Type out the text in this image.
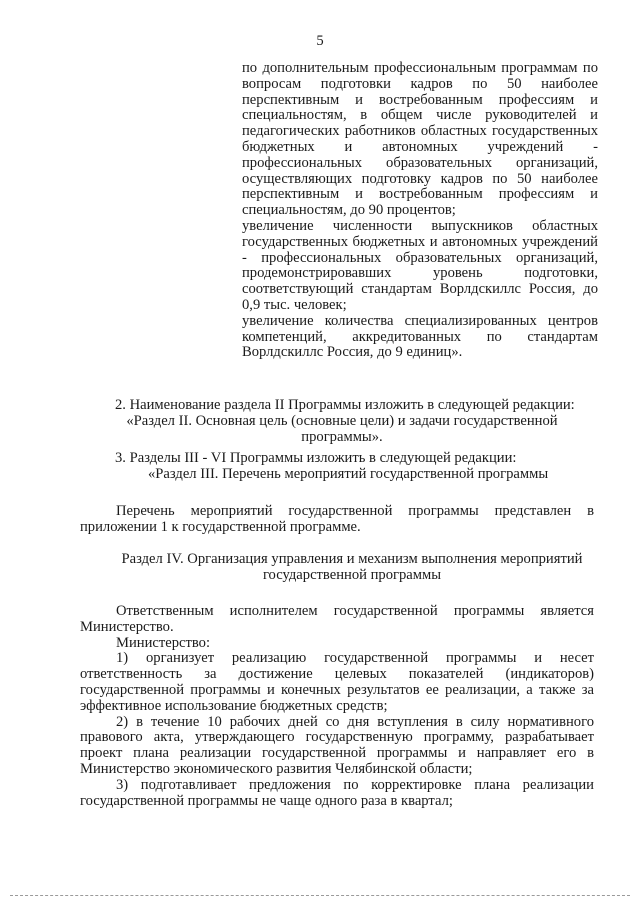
5

по дополнительным профессиональным программам по вопросам подготовки кадров по 50 наиболее перспективным и востребованным профессиям и специальностям, в общем числе руководителей и педагогических работников областных государственных бюджетных и автономных учреждений - профессиональных образовательных организаций, осуществляющих подготовку кадров по 50 наиболее перспективным и востребованным профессиям и специальностям, до 90 процентов;

увеличение численности выпускников областных государственных бюджетных и автономных учреждений - профессиональных образовательных организаций, продемонстрировавших уровень подготовки, соответствующий стандартам Ворлдскиллс Россия, до 0,9 тыс. человек;

увеличение количества специализированных центров компетенций, аккредитованных по стандартам Ворлдскиллс Россия, до 9 единиц».

2. Наименование раздела II Программы изложить в следующей редакции:

«Раздел II. Основная цель (основные цели) и задачи государственной программы».
3. Разделы III - VI Программы изложить в следующей редакции:
«Раздел III. Перечень мероприятий государственной программы

Перечень мероприятий государственной программы представлен в приложении 1 к государственной программе.

Раздел IV. Организация управления и механизм выполнения мероприятий государственной программы

Ответственным исполнителем государственной программы является Министерство.

Министерство:

1) организует реализацию государственной программы и несет ответственность за достижение целевых показателей (индикаторов) государственной программы и конечных результатов ее реализации, а также за эффективное использование бюджетных средств;

2) в течение 10 рабочих дней со дня вступления в силу нормативного правового акта, утверждающего государственную программу, разрабатывает проект плана реализации государственной программы и направляет его в Министерство экономического развития Челябинской области;

3) подготавливает предложения по корректировке плана реализации государственной программы не чаще одного раза в квартал;
